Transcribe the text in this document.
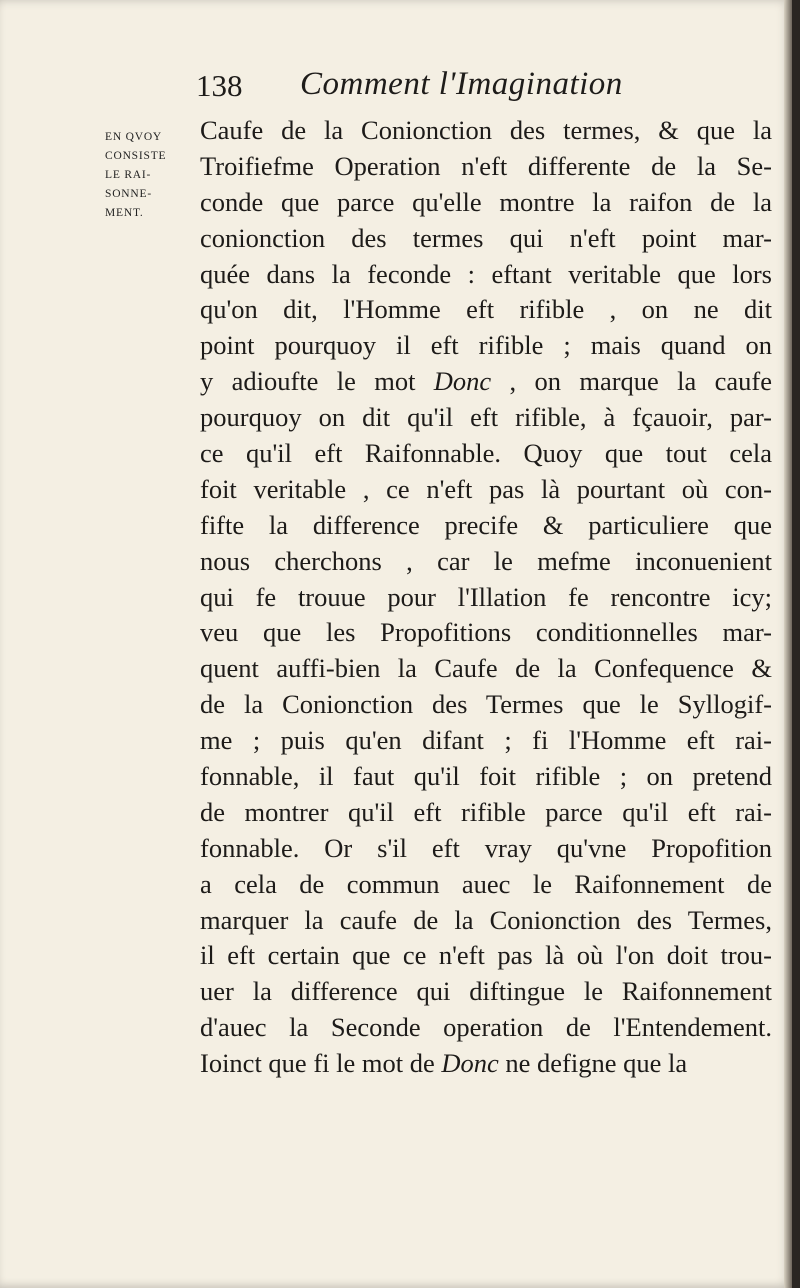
138 Comment l'Imagination
EN QVOY
CONSISTE
LE RAI-
SONNE-
MENT.
Caufe de la Conionction des termes, & que la
Troifiefme Operation n'eft differente de la Se-
conde que parce qu'elle montre la raifon de la
conionction des termes qui n'eft point mar-
quée dans la feconde : eftant veritable que lors
qu'on dit, l'Homme eft rifible , on ne dit
point pourquoy il eft rifible ; mais quand on
y adioufte le mot Donc , on marque la caufe
pourquoy on dit qu'il eft rifible, à fçauoir, par-
ce qu'il eft Raifonnable. Quoy que tout cela
foit veritable , ce n'eft pas là pourtant où con-
fifte la difference precife & particuliere que
nous cherchons , car le mefme inconuenient
qui fe trouue pour l'Illation fe rencontre icy;
veu que les Propofitions conditionnelles mar-
quent auffi-bien la Caufe de la Confequence &
de la Conionction des Termes que le Syllogif-
me ; puis qu'en difant ; fi l'Homme eft rai-
fonnable, il faut qu'il foit rifible ; on pretend
de montrer qu'il eft rifible parce qu'il eft rai-
fonnable. Or s'il eft vray qu'vne Propofition
a cela de commun auec le Raifonnement de
marquer la caufe de la Conionction des Termes,
il eft certain que ce n'eft pas là où l'on doit trou-
uer la difference qui diftingue le Raifonnement
d'auec la Seconde operation de l'Entendement.
Ioinct que fi le mot de Donc ne defigne que la
